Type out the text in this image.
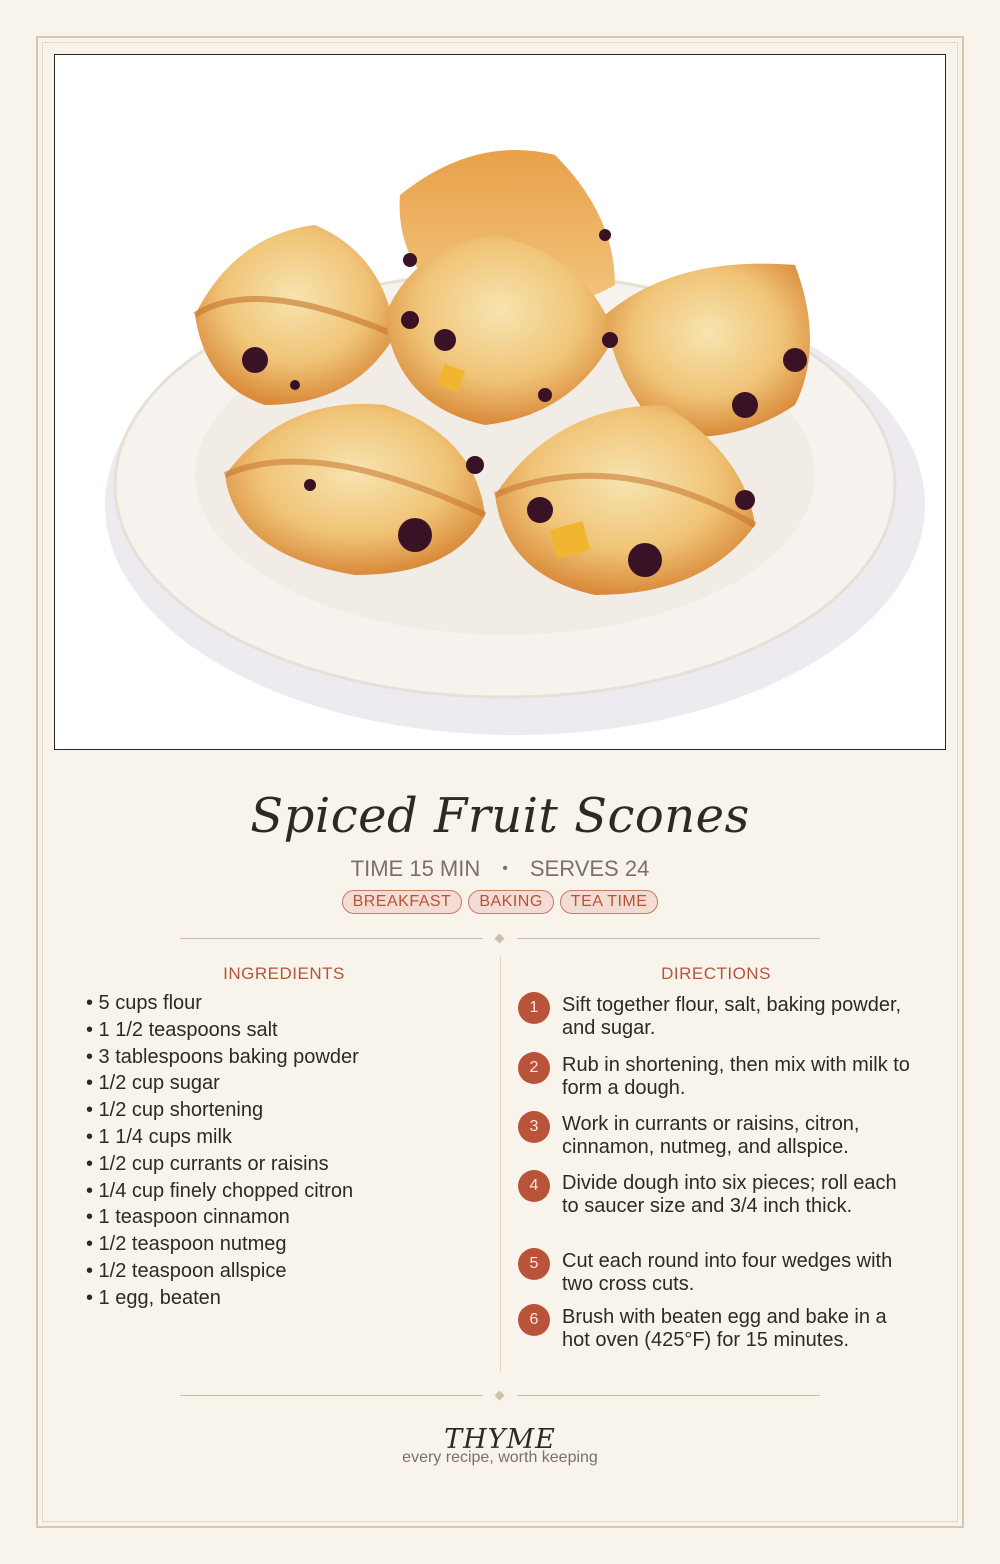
Spiced Fruit Scones
TIME 15 MIN • SERVES 24
BREAKFAST BAKING TEA TIME
INGREDIENTS	DIRECTIONS
• 5 cups flour
• 1 1/2 teaspoons salt
• 3 tablespoons baking powder
• 1/2 cup sugar
• 1/2 cup shortening
• 1 1/4 cups milk
• 1/2 cup currants or raisins
• 1/4 cup finely chopped citron
• 1 teaspoon cinnamon
• 1/2 teaspoon nutmeg
• 1/2 teaspoon allspice
• 1 egg, beaten
1	Sift together flour, salt, baking powder, and sugar.
2	Rub in shortening, then mix with milk to form a dough.
3	Work in currants or raisins, citron, cinnamon, nutmeg, and allspice.
4	Divide dough into six pieces; roll each to saucer size and 3/4 inch thick.
5	Cut each round into four wedges with two cross cuts.
6	Brush with beaten egg and bake in a hot oven (425°F) for 15 minutes.
THYME
every recipe, worth keeping
